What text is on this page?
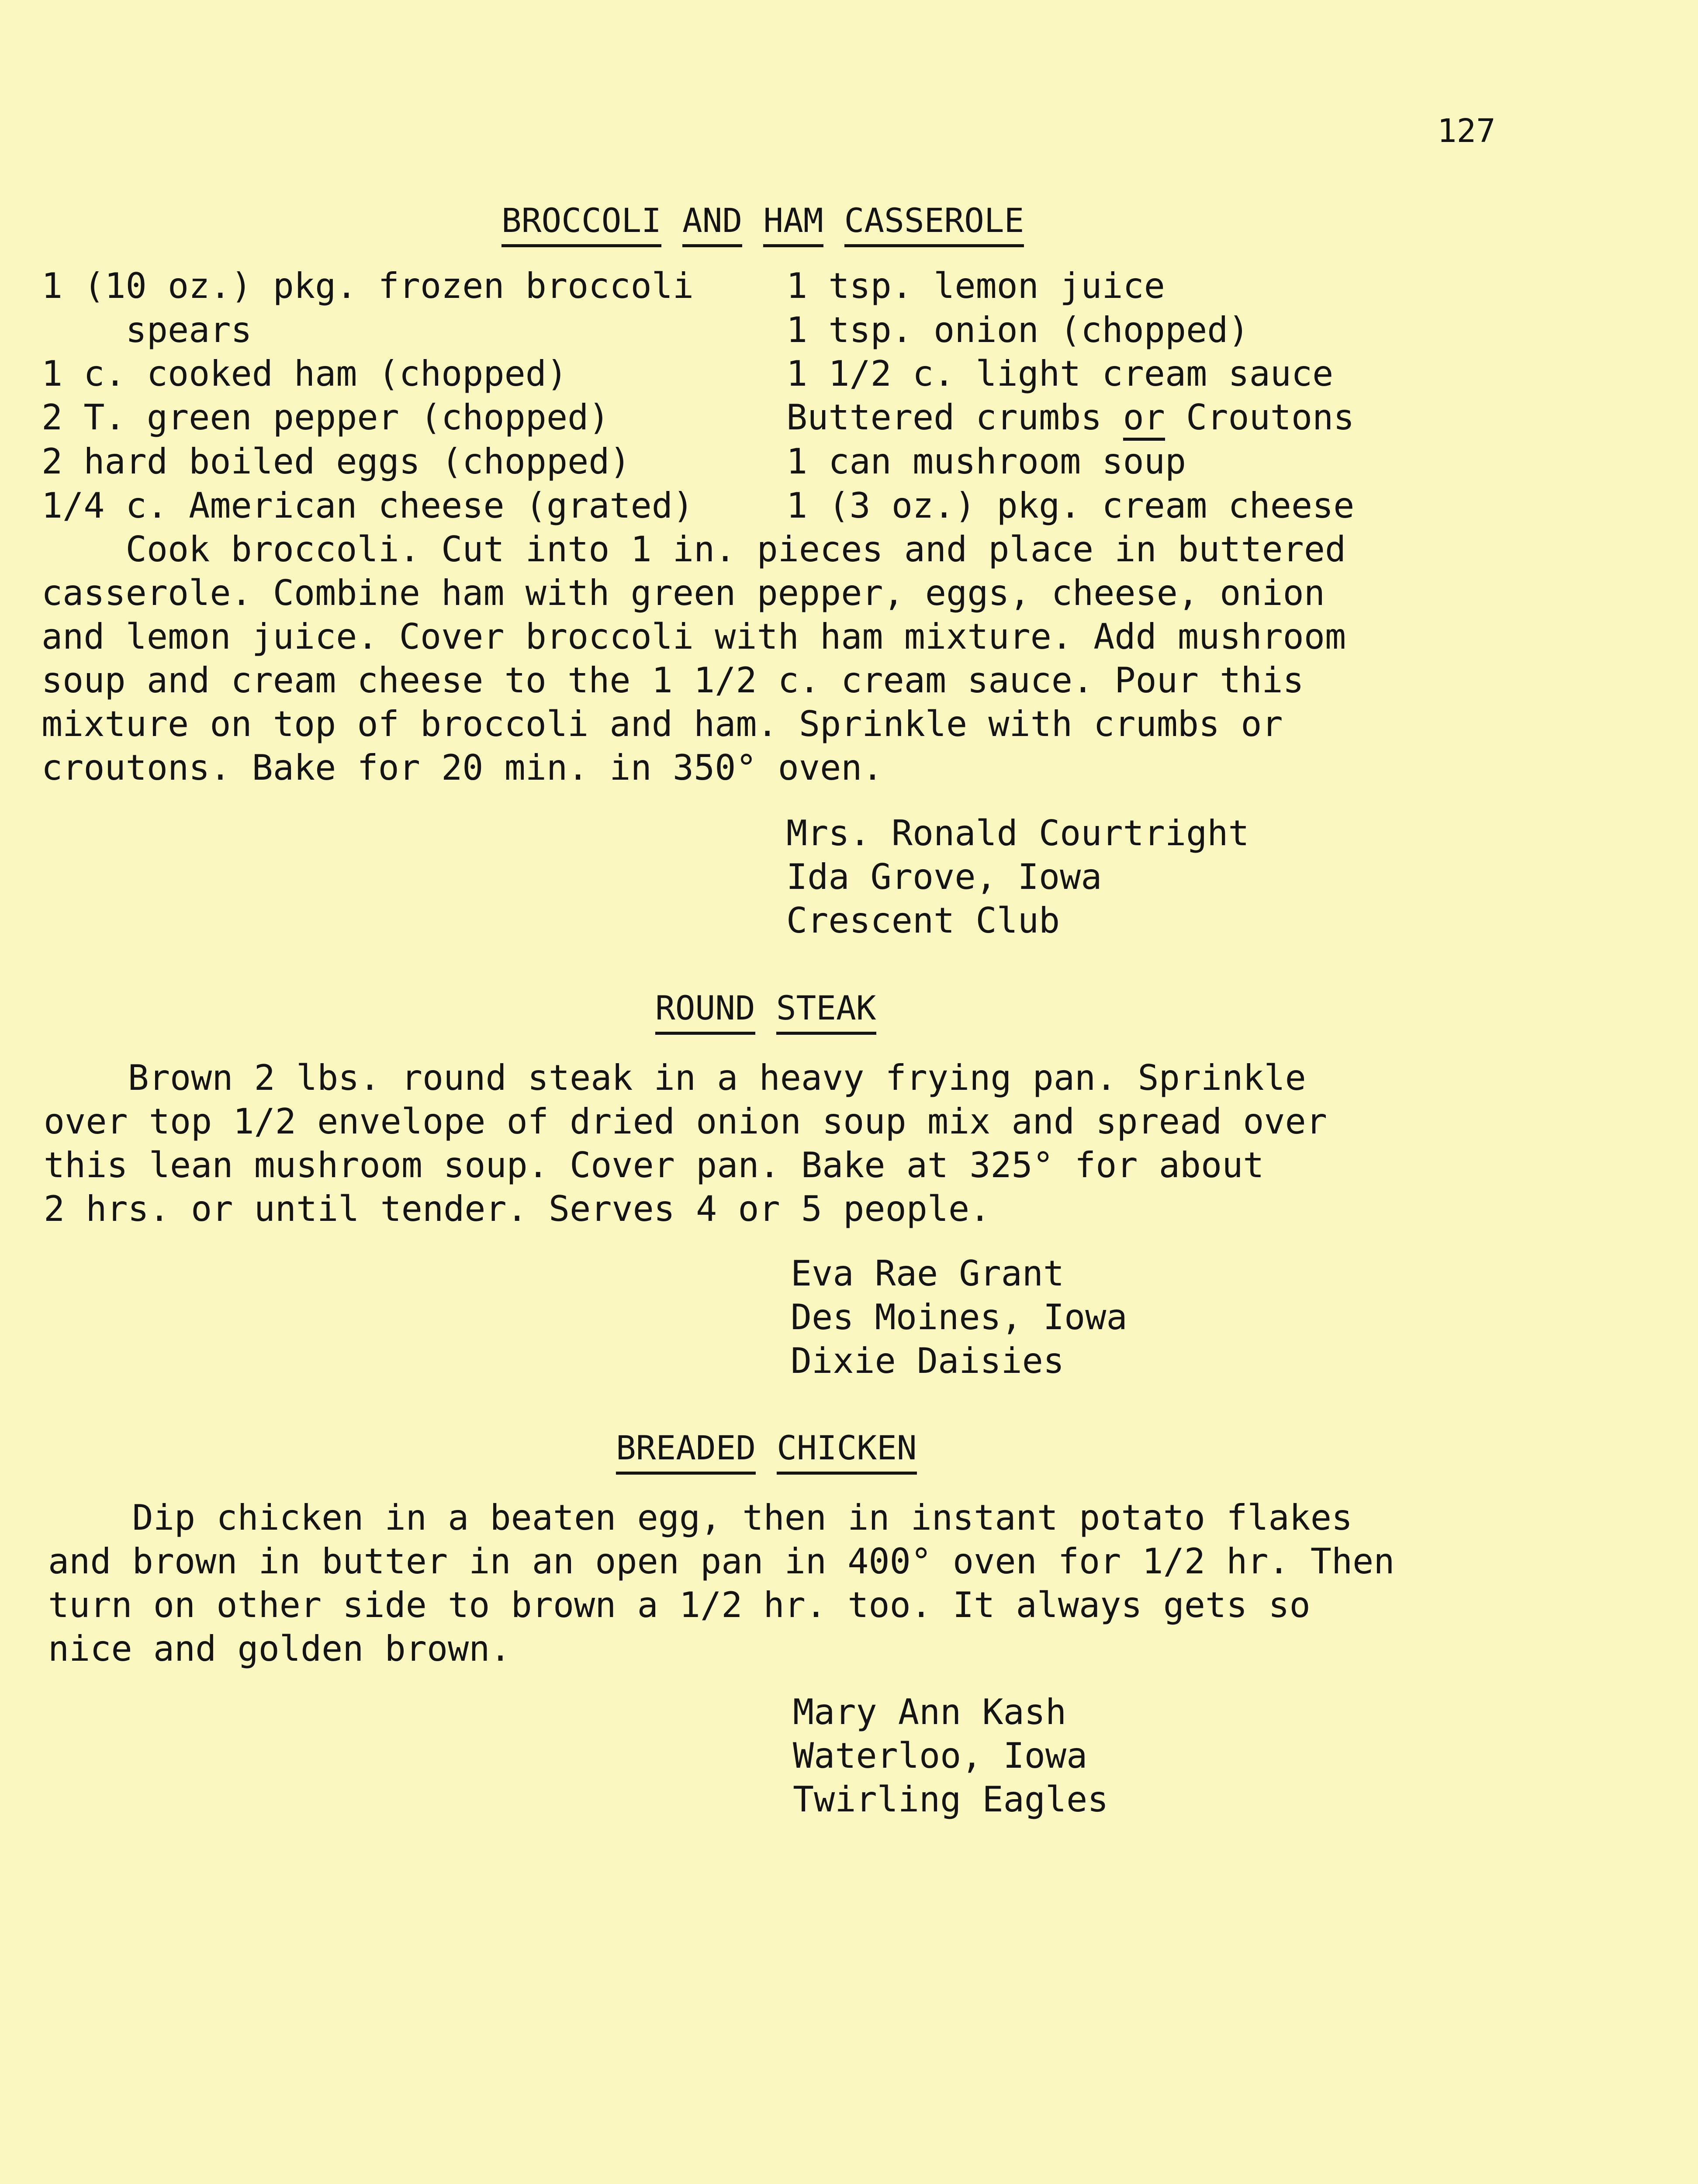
127
BROCCOLI AND HAM CASSEROLE
1 (10 oz.) pkg. frozen broccoli
spears
1 c. cooked ham (chopped)
2 T. green pepper (chopped)
2 hard boiled eggs (chopped)
1/4 c. American cheese (grated)
1 tsp. lemon juice
1 tsp. onion (chopped)
1 1/2 c. light cream sauce
Buttered crumbs or Croutons
1 can mushroom soup
1 (3 oz.) pkg. cream cheese
Cook broccoli. Cut into 1 in. pieces and place in buttered
casserole. Combine ham with green pepper, eggs, cheese, onion
and lemon juice. Cover broccoli with ham mixture. Add mushroom
soup and cream cheese to the 1 1/2 c. cream sauce. Pour this
mixture on top of broccoli and ham. Sprinkle with crumbs or
croutons. Bake for 20 min. in 350° oven.
Mrs. Ronald Courtright
Ida Grove, Iowa
Crescent Club
ROUND STEAK
Brown 2 lbs. round steak in a heavy frying pan. Sprinkle
over top 1/2 envelope of dried onion soup mix and spread over
this lean mushroom soup. Cover pan. Bake at 325° for about
2 hrs. or until tender. Serves 4 or 5 people.
Eva Rae Grant
Des Moines, Iowa
Dixie Daisies
BREADED CHICKEN
Dip chicken in a beaten egg, then in instant potato flakes
and brown in butter in an open pan in 400° oven for 1/2 hr. Then
turn on other side to brown a 1/2 hr. too. It always gets so
nice and golden brown.
Mary Ann Kash
Waterloo, Iowa
Twirling Eagles
